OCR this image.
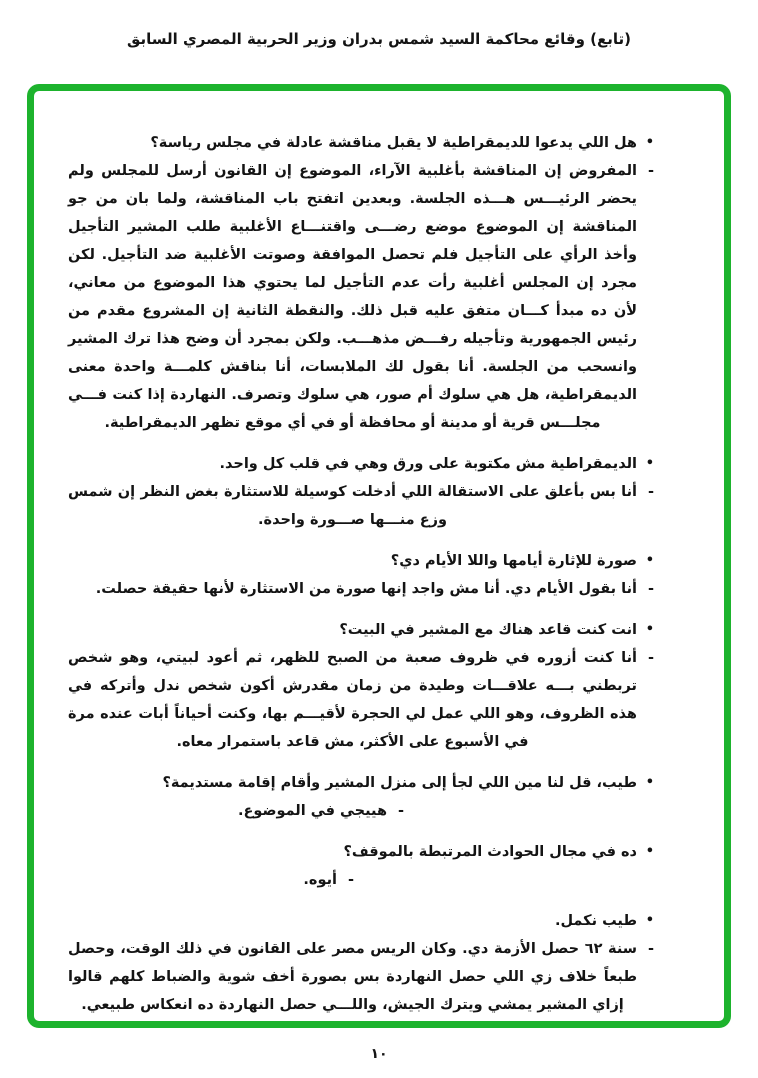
(تابع) وقائع محاكمة السيد شمس بدران وزير الحربية المصري السابق
•
هل اللي يدعوا للديمقراطية لا يقبل مناقشة عادلة في مجلس رياسة؟
-
المفروض إن المناقشة بأغلبية الآراء، الموضوع إن القانون أرسل للمجلس ولم يحضر الرئيـــس هـــذه الجلسة. وبعدين اتفتح باب المناقشة، ولما بان من جو المناقشة إن الموضوع موضع رضـــى واقتنـــاع الأغلبية طلب المشير التأجيل وأخذ الرأي على التأجيل فلم تحصل الموافقة وصوتت الأغلبية ضد التأجيل. لكن مجرد إن المجلس أغلبية رأت عدم التأجيل لما يحتوي هذا الموضوع من معاني، لأن ده مبدأ كـــان متفق عليه قبل ذلك. والنقطة الثانية إن المشروع مقدم من رئيس الجمهورية وتأجيله رفـــض مذهـــب. ولكن بمجرد أن وضح هذا ترك المشير وانسحب من الجلسة. أنا بقول لك الملابسات، أنا بناقش كلمـــة واحدة معنى الديمقراطية، هل هي سلوك أم صور، هي سلوك وتصرف. النهاردة إذا كنت فـــي مجلـــس قرية أو مدينة أو محافظة أو في أي موقع تظهر الديمقراطية.
•
الديمقراطية مش مكتوبة على ورق وهي في قلب كل واحد.
-
أنا بس بأعلق على الاستقالة اللي أدخلت كوسيلة للاستثارة بغض النظر إن شمس وزع منـــها صـــورة واحدة.
•
صورة للإثارة أيامها واللا الأيام دي؟
-
أنا بقول الأيام دي. أنا مش واجد إنها صورة من الاستثارة لأنها حقيقة حصلت.
•
انت كنت قاعد هناك مع المشير في البيت؟
-
أنا كنت أزوره في ظروف صعبة من الصبح للظهر، ثم أعود لبيتي، وهو شخص تربطني بـــه علاقـــات وطيدة من زمان مقدرش أكون شخص ندل وأتركه في هذه الظروف، وهو اللي عمل لي الحجرة لأقيـــم بها، وكنت أحياناً أبات عنده مرة في الأسبوع على الأكثر، مش قاعد باستمرار معاه.
•
طيب، قل لنا مين اللي لجأ إلى منزل المشير وأقام إقامة مستديمة؟
-
هييجي في الموضوع.
•
ده في مجال الحوادث المرتبطة بالموقف؟
-
أيوه.
•
طيب نكمل.
-
سنة ٦٢ حصل الأزمة دي. وكان الريس مصر على القانون في ذلك الوقت، وحصل طبعاً خلاف زي اللي حصل النهاردة بس بصورة أخف شوية والضباط كلهم قالوا إزاي المشير يمشي ويترك الجيش، واللـــي حصل النهاردة ده انعكاس طبيعي.
١٠
